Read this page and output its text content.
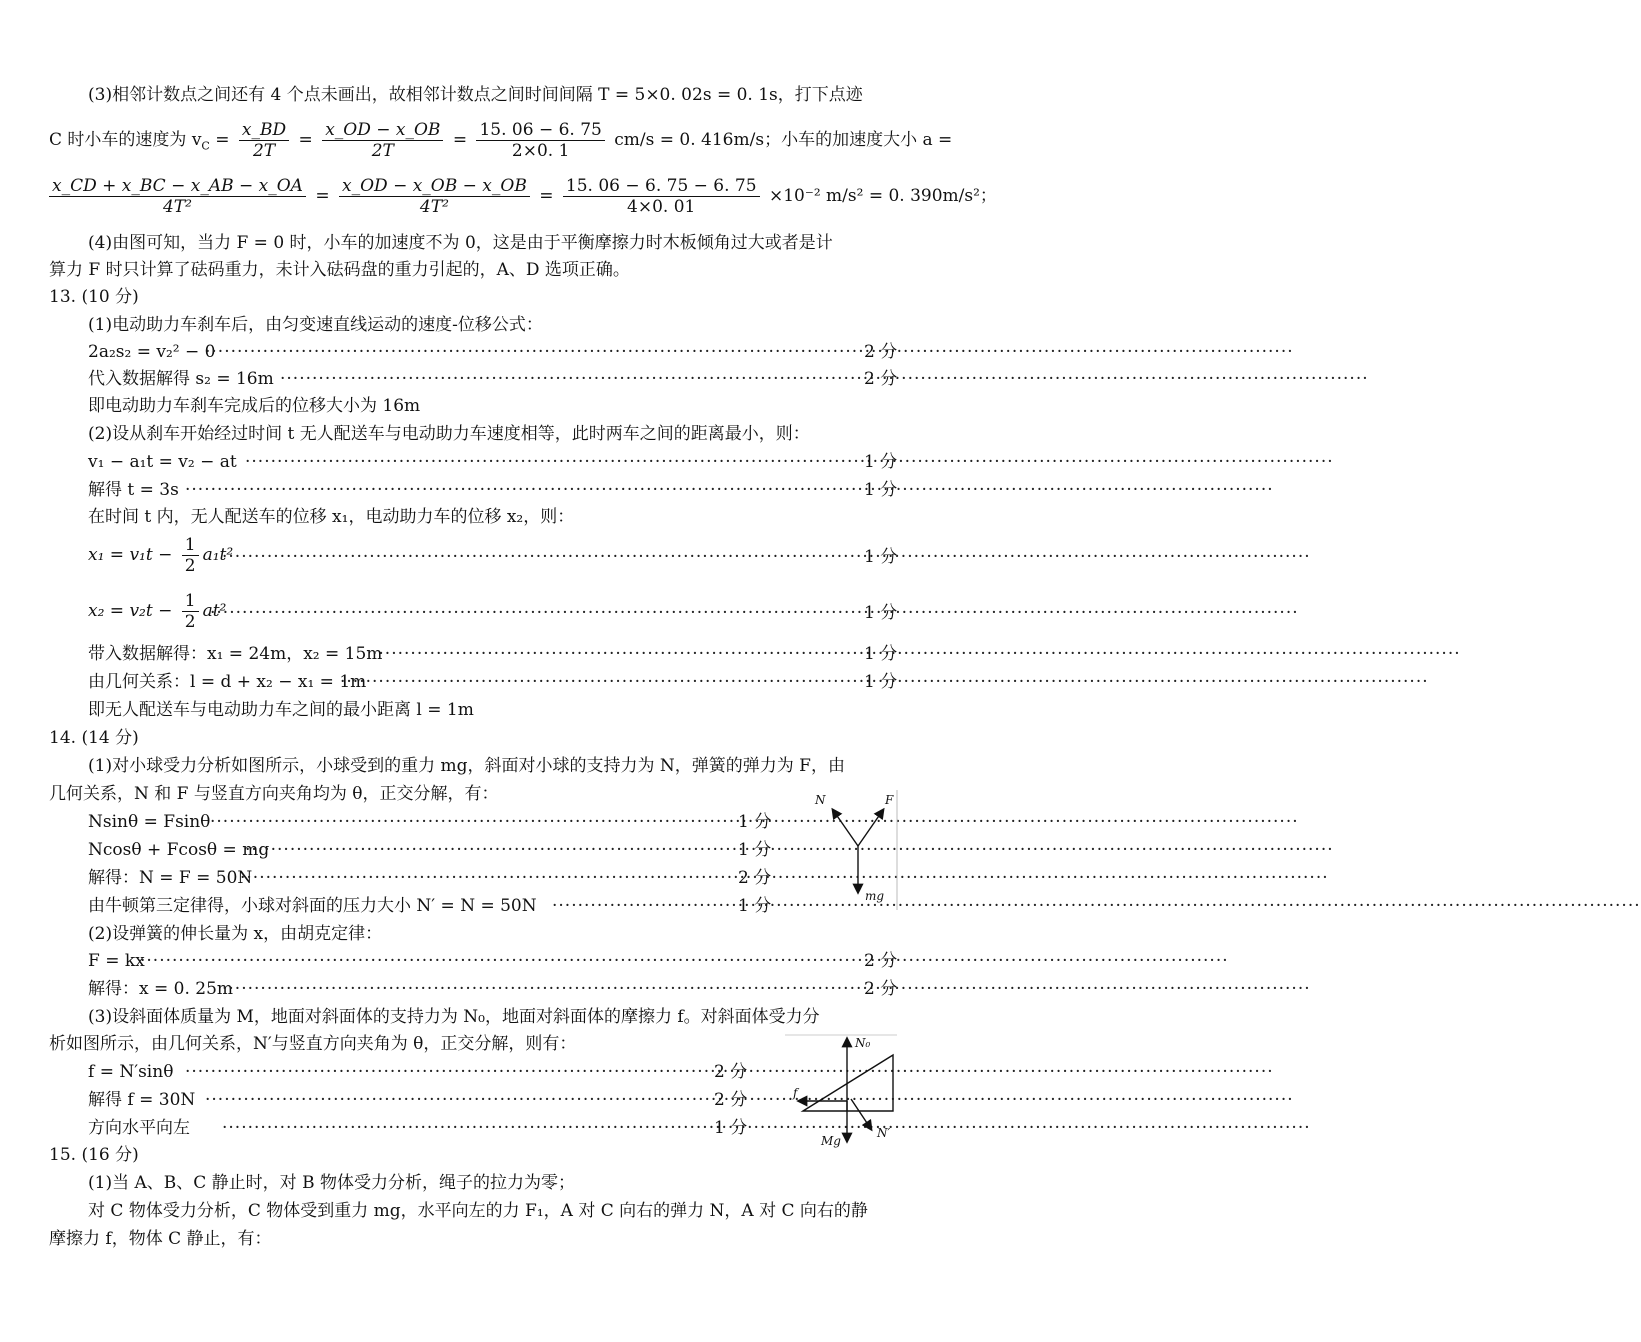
(3)相邻计数点之间还有 4 个点未画出，故相邻计数点之间时间间隔 T = 5×0. 02s = 0. 1s，打下点迹
C 时小车的速度为 $v_C = \frac{x\_BD}{2T} = \frac{x\_OD - x\_OB}{2T} = \frac{15. 06 - 6. 75}{2\times 0. 1} cm/s = 0$. 416m/s；小车的加速度大小 a =
$\frac{x\_CD + x\_BC - x\_AB - x\_OA}{\text{4T²}} = \frac{x\_OD - x\_OB - x\_OB}{\text{4T²}} = \frac{15. 06 - 6. 75 - 6. 75}{4\times 0. 01} \times 10^{-2}$ m/s² = 0. 390m/s²；
(4)由图可知，当力 F = 0 时，小车的加速度不为 0，这是由于平衡摩擦力时木板倾角过大或者是计
算力 F 时只计算了砝码重力，未计入砝码盘的重力引起的，A、D 选项正确。
13. (10 分)
(1)电动助力车刹车后，由匀变速直线运动的速度-位移公式：
2a₂s₂ = v₂² − 0 ·····	2 分
代入数据解得 s₂ = 16m ·····	2 分
即电动助力车刹车完成后的位移大小为 16m
(2)设从刹车开始经过时间 t 无人配送车与电动助力车速度相等，此时两车之间的距离最小，则：
v₁ − a₁t = v₂ − at ·····	1 分
解得 t = 3s ·····	1 分
在时间 t 内，无人配送车的位移 x₁，电动助力车的位移 x₂，则：
$x_1 = v_1t - \frac{1}{2} a_1t^2$ ·····	1 分
$x_2 = v_2t - \frac{1}{2} at^2$ ·····	1 分
带入数据解得：x₁ = 24m，x₂ = 15m ·····	1 分
由几何关系：l = d + x₂ − x₁ = 1m ·····	1 分
即无人配送车与电动助力车之间的最小距离 l = 1m
14. (14 分)
(1)对小球受力分析如图所示，小球受到的重力 mg，斜面对小球的支持力为 N，弹簧的弹力为 F，由
几何关系，N 和 F 与竖直方向夹角均为 θ，正交分解，有：
Nsinθ = Fsinθ ·····	1 分
Ncosθ + Fcosθ = mg ·····	1 分
解得：N = F = 50N ·····	2 分
由牛顿第三定律得，小球对斜面的压力大小 N′ = N = 50N ·····	1 分
N	F
mg
(2)设弹簧的伸长量为 x，由胡克定律：
F = kx ·····	2 分
解得：x = 0. 25m ·····	2 分
(3)设斜面体质量为 M，地面对斜面体的支持力为 N₀，地面对斜面体的摩擦力 f。对斜面体受力分
析如图所示，由几何关系，N′与竖直方向夹角为 θ，正交分解，则有：
f = N′sinθ ·····	2 分
解得 f = 30N ·····	2 分
方向水平向左 ·····	1 分
N₀
f
Mg
N′
15. (16 分)
(1)当 A、B、C 静止时，对 B 物体受力分析，绳子的拉力为零；
对 C 物体受力分析，C 物体受到重力 mg，水平向左的力 F₁，A 对 C 向右的弹力 N，A 对 C 向右的静
摩擦力 f，物体 C 静止，有：
